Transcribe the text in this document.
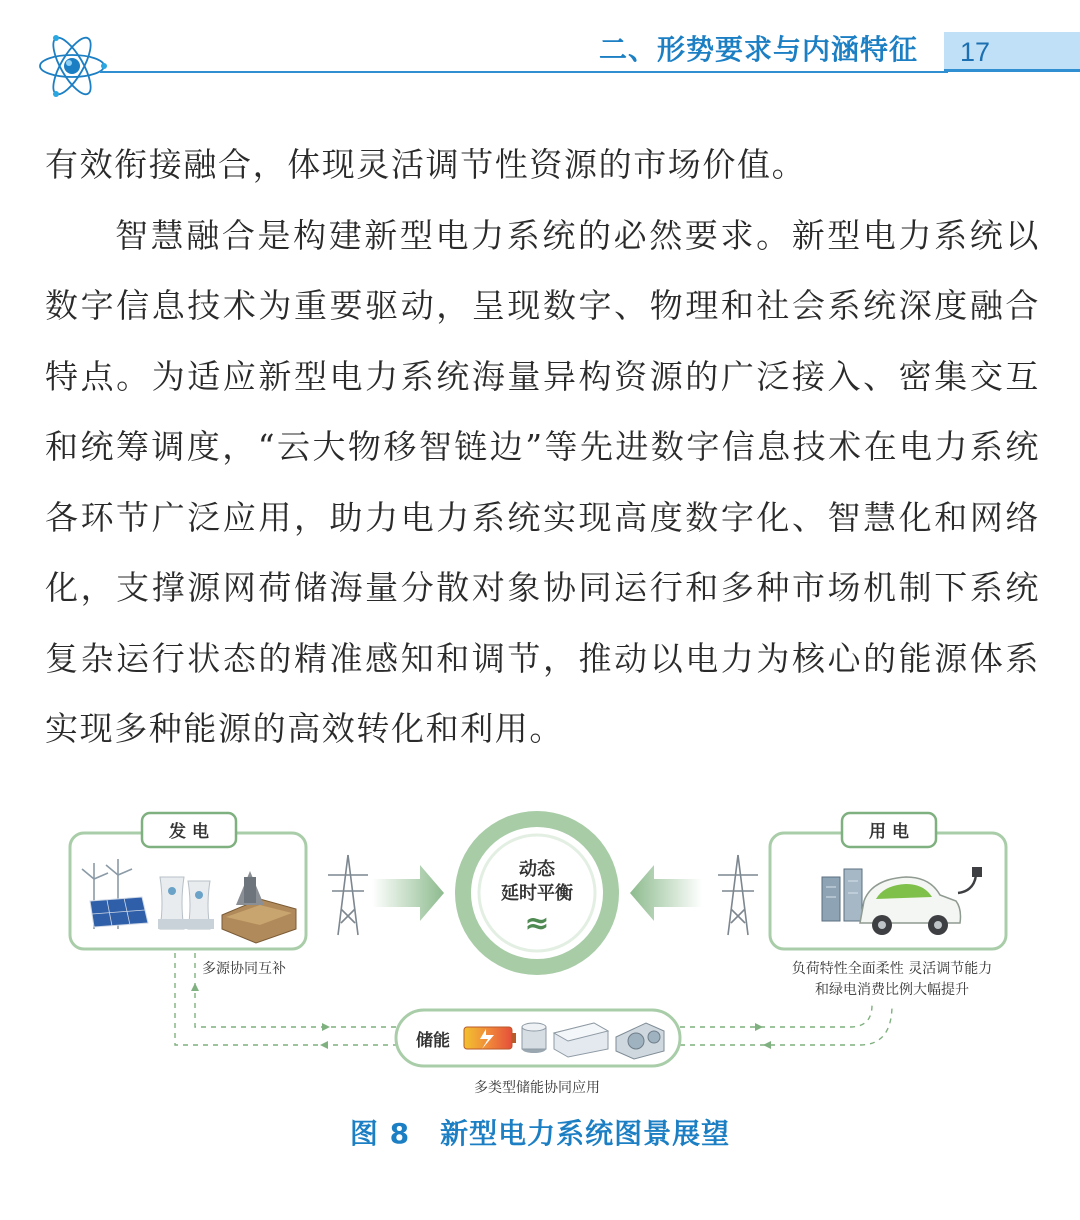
二、形势要求与内涵特征	17

有效衔接融合，体现灵活调节性资源的市场价值。

智慧融合是构建新型电力系统的必然要求。新型电力系统以数字信息技术为重要驱动，呈现数字、物理和社会系统深度融合特点。为适应新型电力系统海量异构资源的广泛接入、密集交互和统筹调度，“云大物移智链边”等先进数字信息技术在电力系统各环节广泛应用，助力电力系统实现高度数字化、智慧化和网络化，支撑源网荷储海量分散对象协同运行和多种市场机制下系统复杂运行状态的精准感知和调节，推动以电力为核心的能源体系实现多种能源的高效转化和利用。

发 电
多源协同互补
动态
延时平衡
≈
用 电
负荷特性全面柔性 灵活调节能力
和绿电消费比例大幅提升
储能
多类型储能协同应用
图 8 新型电力系统图景展望
